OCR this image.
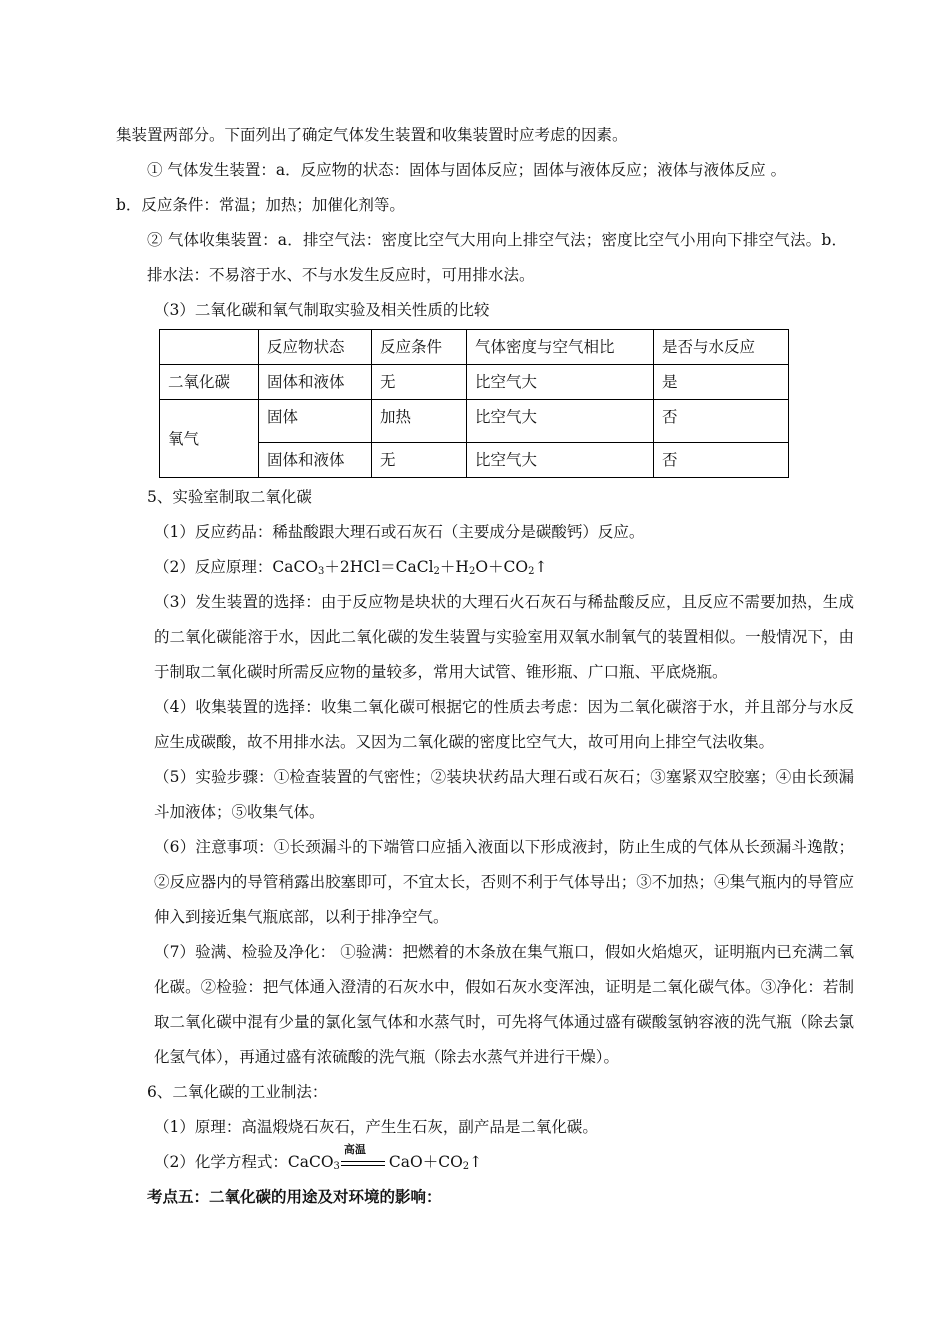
集装置两部分。下面列出了确定气体发生装置和收集装置时应考虑的因素。

① 气体发生装置：a．反应物的状态：固体与固体反应；固体与液体反应；液体与液体反应 。

b．反应条件：常温；加热；加催化剂等。

② 气体收集装置：a．排空气法：密度比空气大用向上排空气法；密度比空气小用向下排空气法。b．排水法：不易溶于水、不与水发生反应时，可用排水法。

（3）二氧化碳和氧气制取实验及相关性质的比较

	反应物状态	反应条件	气体密度与空气相比	是否与水反应
二氧化碳	固体和液体	无	比空气大	是
氧气	固体	加热	比空气大	否
	固体和液体	无	比空气大	否

5、实验室制取二氧化碳

（1）反应药品：稀盐酸跟大理石或石灰石（主要成分是碳酸钙）反应。

（2）反应原理：$CaCO_3+2HCl=CaCl_2+H_2O+CO_2↑$

（3）发生装置的选择：由于反应物是块状的大理石火石灰石与稀盐酸反应，且反应不需要加热，生成的二氧化碳能溶于水，因此二氧化碳的发生装置与实验室用双氧水制氧气的装置相似。一般情况下，由于制取二氧化碳时所需反应物的量较多，常用大试管、锥形瓶、广口瓶、平底烧瓶。

（4）收集装置的选择：收集二氧化碳可根据它的性质去考虑：因为二氧化碳溶于水，并且部分与水反应生成碳酸，故不用排水法。又因为二氧化碳的密度比空气大，故可用向上排空气法收集。

（5）实验步骤：①检查装置的气密性；②装块状药品大理石或石灰石；③塞紧双空胶塞；④由长颈漏斗加液体；⑤收集气体。

（6）注意事项：①长颈漏斗的下端管口应插入液面以下形成液封，防止生成的气体从长颈漏斗逸散；②反应器内的导管稍露出胶塞即可，不宜太长，否则不利于气体导出；③不加热；④集气瓶内的导管应伸入到接近集气瓶底部，以利于排净空气。

（7）验满、检验及净化： ①验满：把燃着的木条放在集气瓶口，假如火焰熄灭，证明瓶内已充满二氧化碳。②检验：把气体通入澄清的石灰水中，假如石灰水变浑浊，证明是二氧化碳气体。③净化：若制取二氧化碳中混有少量的氯化氢气体和水蒸气时，可先将气体通过盛有碳酸氢钠容液的洗气瓶（除去氯化氢气体），再通过盛有浓硫酸的洗气瓶（除去水蒸气并进行干燥）。

6、二氧化碳的工业制法：

（1）原理：高温煅烧石灰石，产生生石灰，副产品是二氧化碳。

（2）化学方程式：CaCO$_3$
高温
$CaO+CO_2↑$

考点五：二氧化碳的用途及对环境的影响：
